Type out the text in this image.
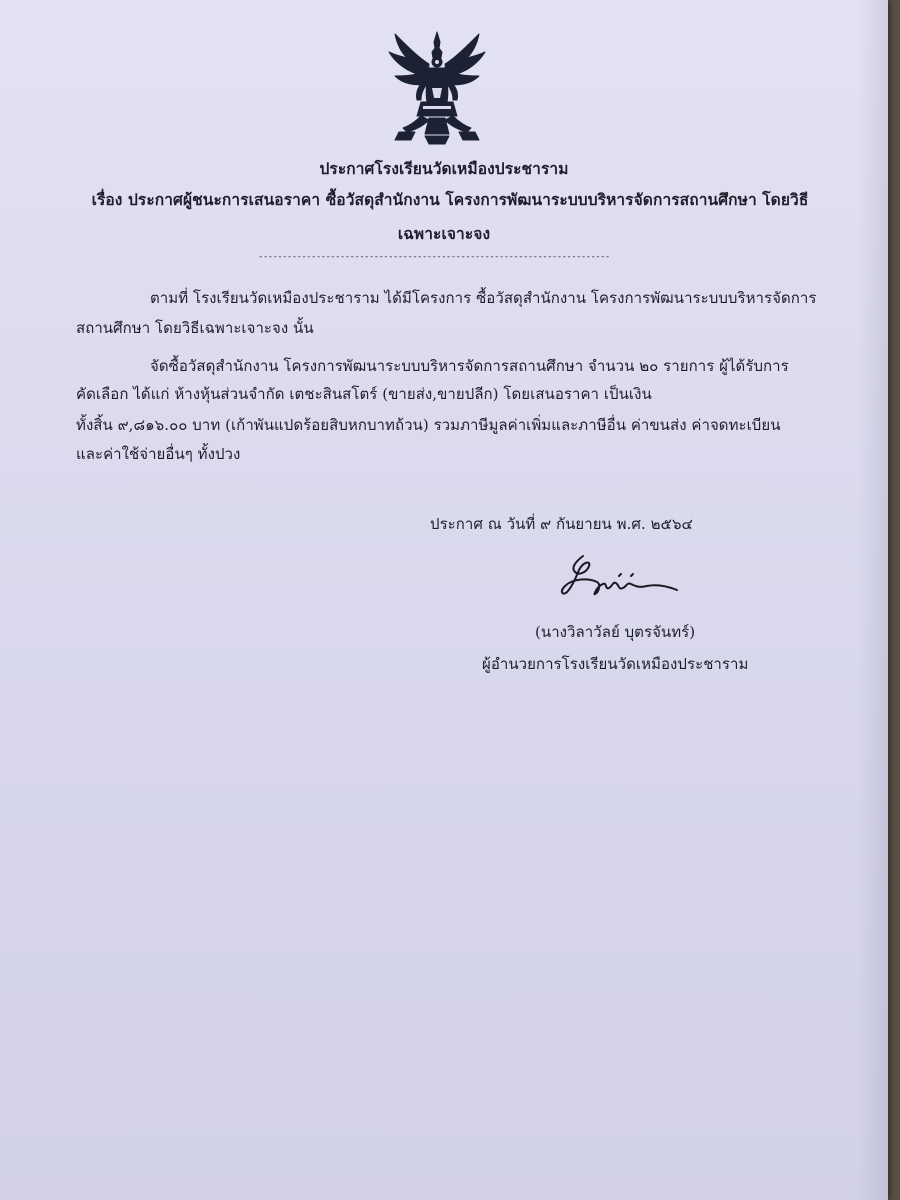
ประกาศโรงเรียนวัดเหมืองประชาราม
เรื่อง ประกาศผู้ชนะการเสนอราคา ซื้อวัสดุสำนักงาน โครงการพัฒนาระบบบริหารจัดการสถานศึกษา โดยวิธี
เฉพาะเจาะจง
-------------------------------------------------------------------------
ตามที่ โรงเรียนวัดเหมืองประชาราม ได้มีโครงการ ซื้อวัสดุสำนักงาน โครงการพัฒนาระบบบริหารจัดการ
สถานศึกษา โดยวิธีเฉพาะเจาะจง นั้น
จัดซื้อวัสดุสำนักงาน โครงการพัฒนาระบบบริหารจัดการสถานศึกษา จำนวน ๒๐ รายการ ผู้ได้รับการ
คัดเลือก ได้แก่ ห้างหุ้นส่วนจำกัด เตชะสินสโตร์ (ขายส่ง,ขายปลีก) โดยเสนอราคา เป็นเงิน
ทั้งสิ้น ๙,๘๑๖.๐๐ บาท (เก้าพันแปดร้อยสิบหกบาทถ้วน) รวมภาษีมูลค่าเพิ่มและภาษีอื่น ค่าขนส่ง ค่าจดทะเบียน
และค่าใช้จ่ายอื่นๆ ทั้งปวง
ประกาศ ณ วันที่ ๙ กันยายน พ.ศ. ๒๕๖๔
(นางวิลาวัลย์ บุตรจันทร์)
ผู้อำนวยการโรงเรียนวัดเหมืองประชาราม
